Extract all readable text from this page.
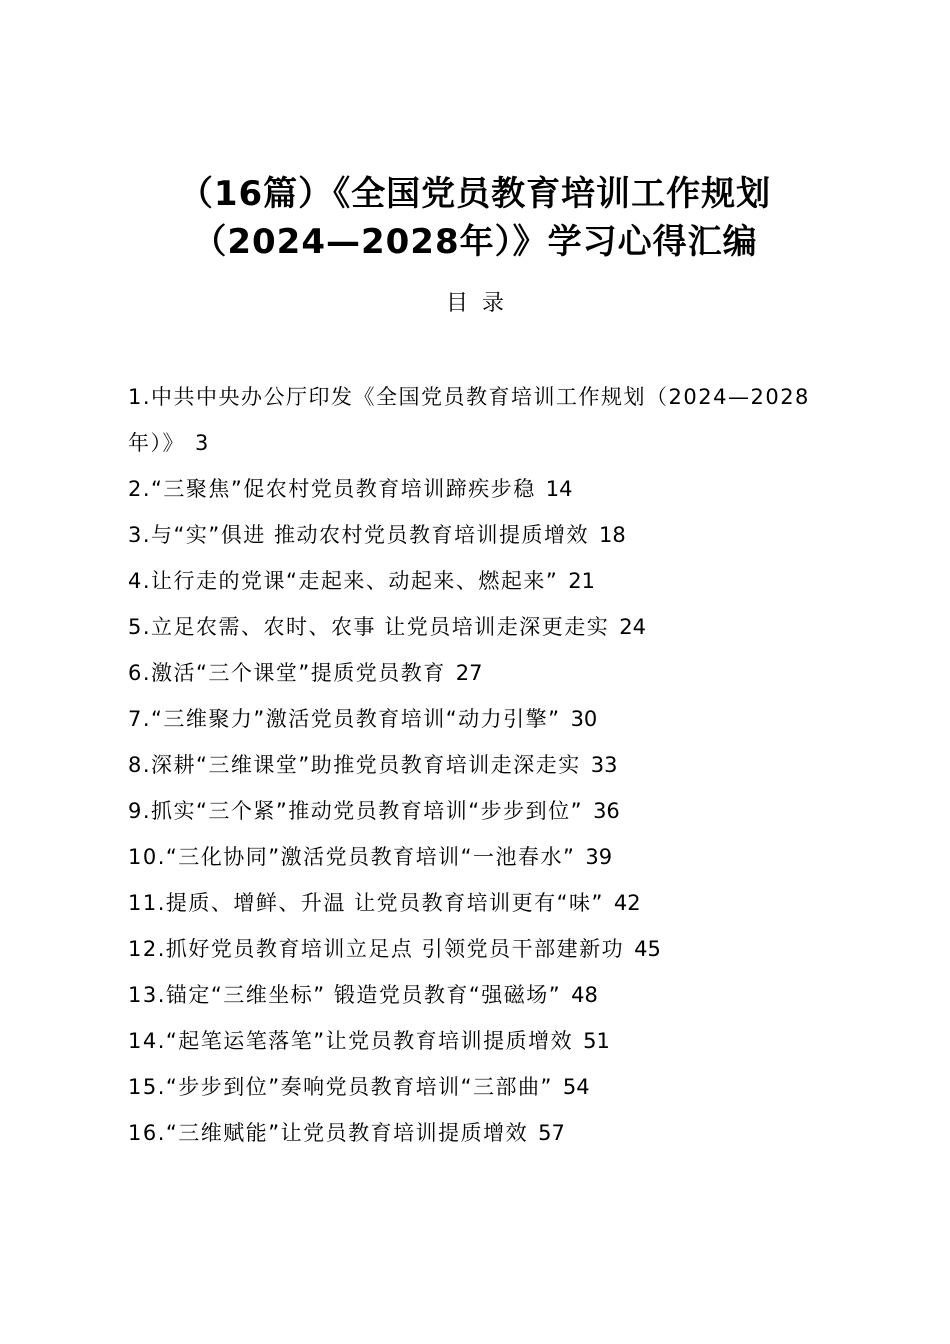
（16篇）《全国党员教育培训工作规划
（2024—2028年）》学习心得汇编
目录
1.中共中央办公厅印发《全国党员教育培训工作规划（2024—2028年）》 3
2.“三聚焦”促农村党员教育培训蹄疾步稳 14
3.与“实”俱进 推动农村党员教育培训提质增效 18
4.让行走的党课“走起来、动起来、燃起来” 21
5.立足农需、农时、农事 让党员培训走深更走实 24
6.激活“三个课堂”提质党员教育 27
7.“三维聚力”激活党员教育培训“动力引擎” 30
8.深耕“三维课堂”助推党员教育培训走深走实 33
9.抓实“三个紧”推动党员教育培训“步步到位” 36
10.“三化协同”激活党员教育培训“一池春水” 39
11.提质、增鲜、升温 让党员教育培训更有“味” 42
12.抓好党员教育培训立足点 引领党员干部建新功 45
13.锚定“三维坐标” 锻造党员教育“强磁场” 48
14.“起笔运笔落笔”让党员教育培训提质增效 51
15.“步步到位”奏响党员教育培训“三部曲” 54
16.“三维赋能”让党员教育培训提质增效 57
